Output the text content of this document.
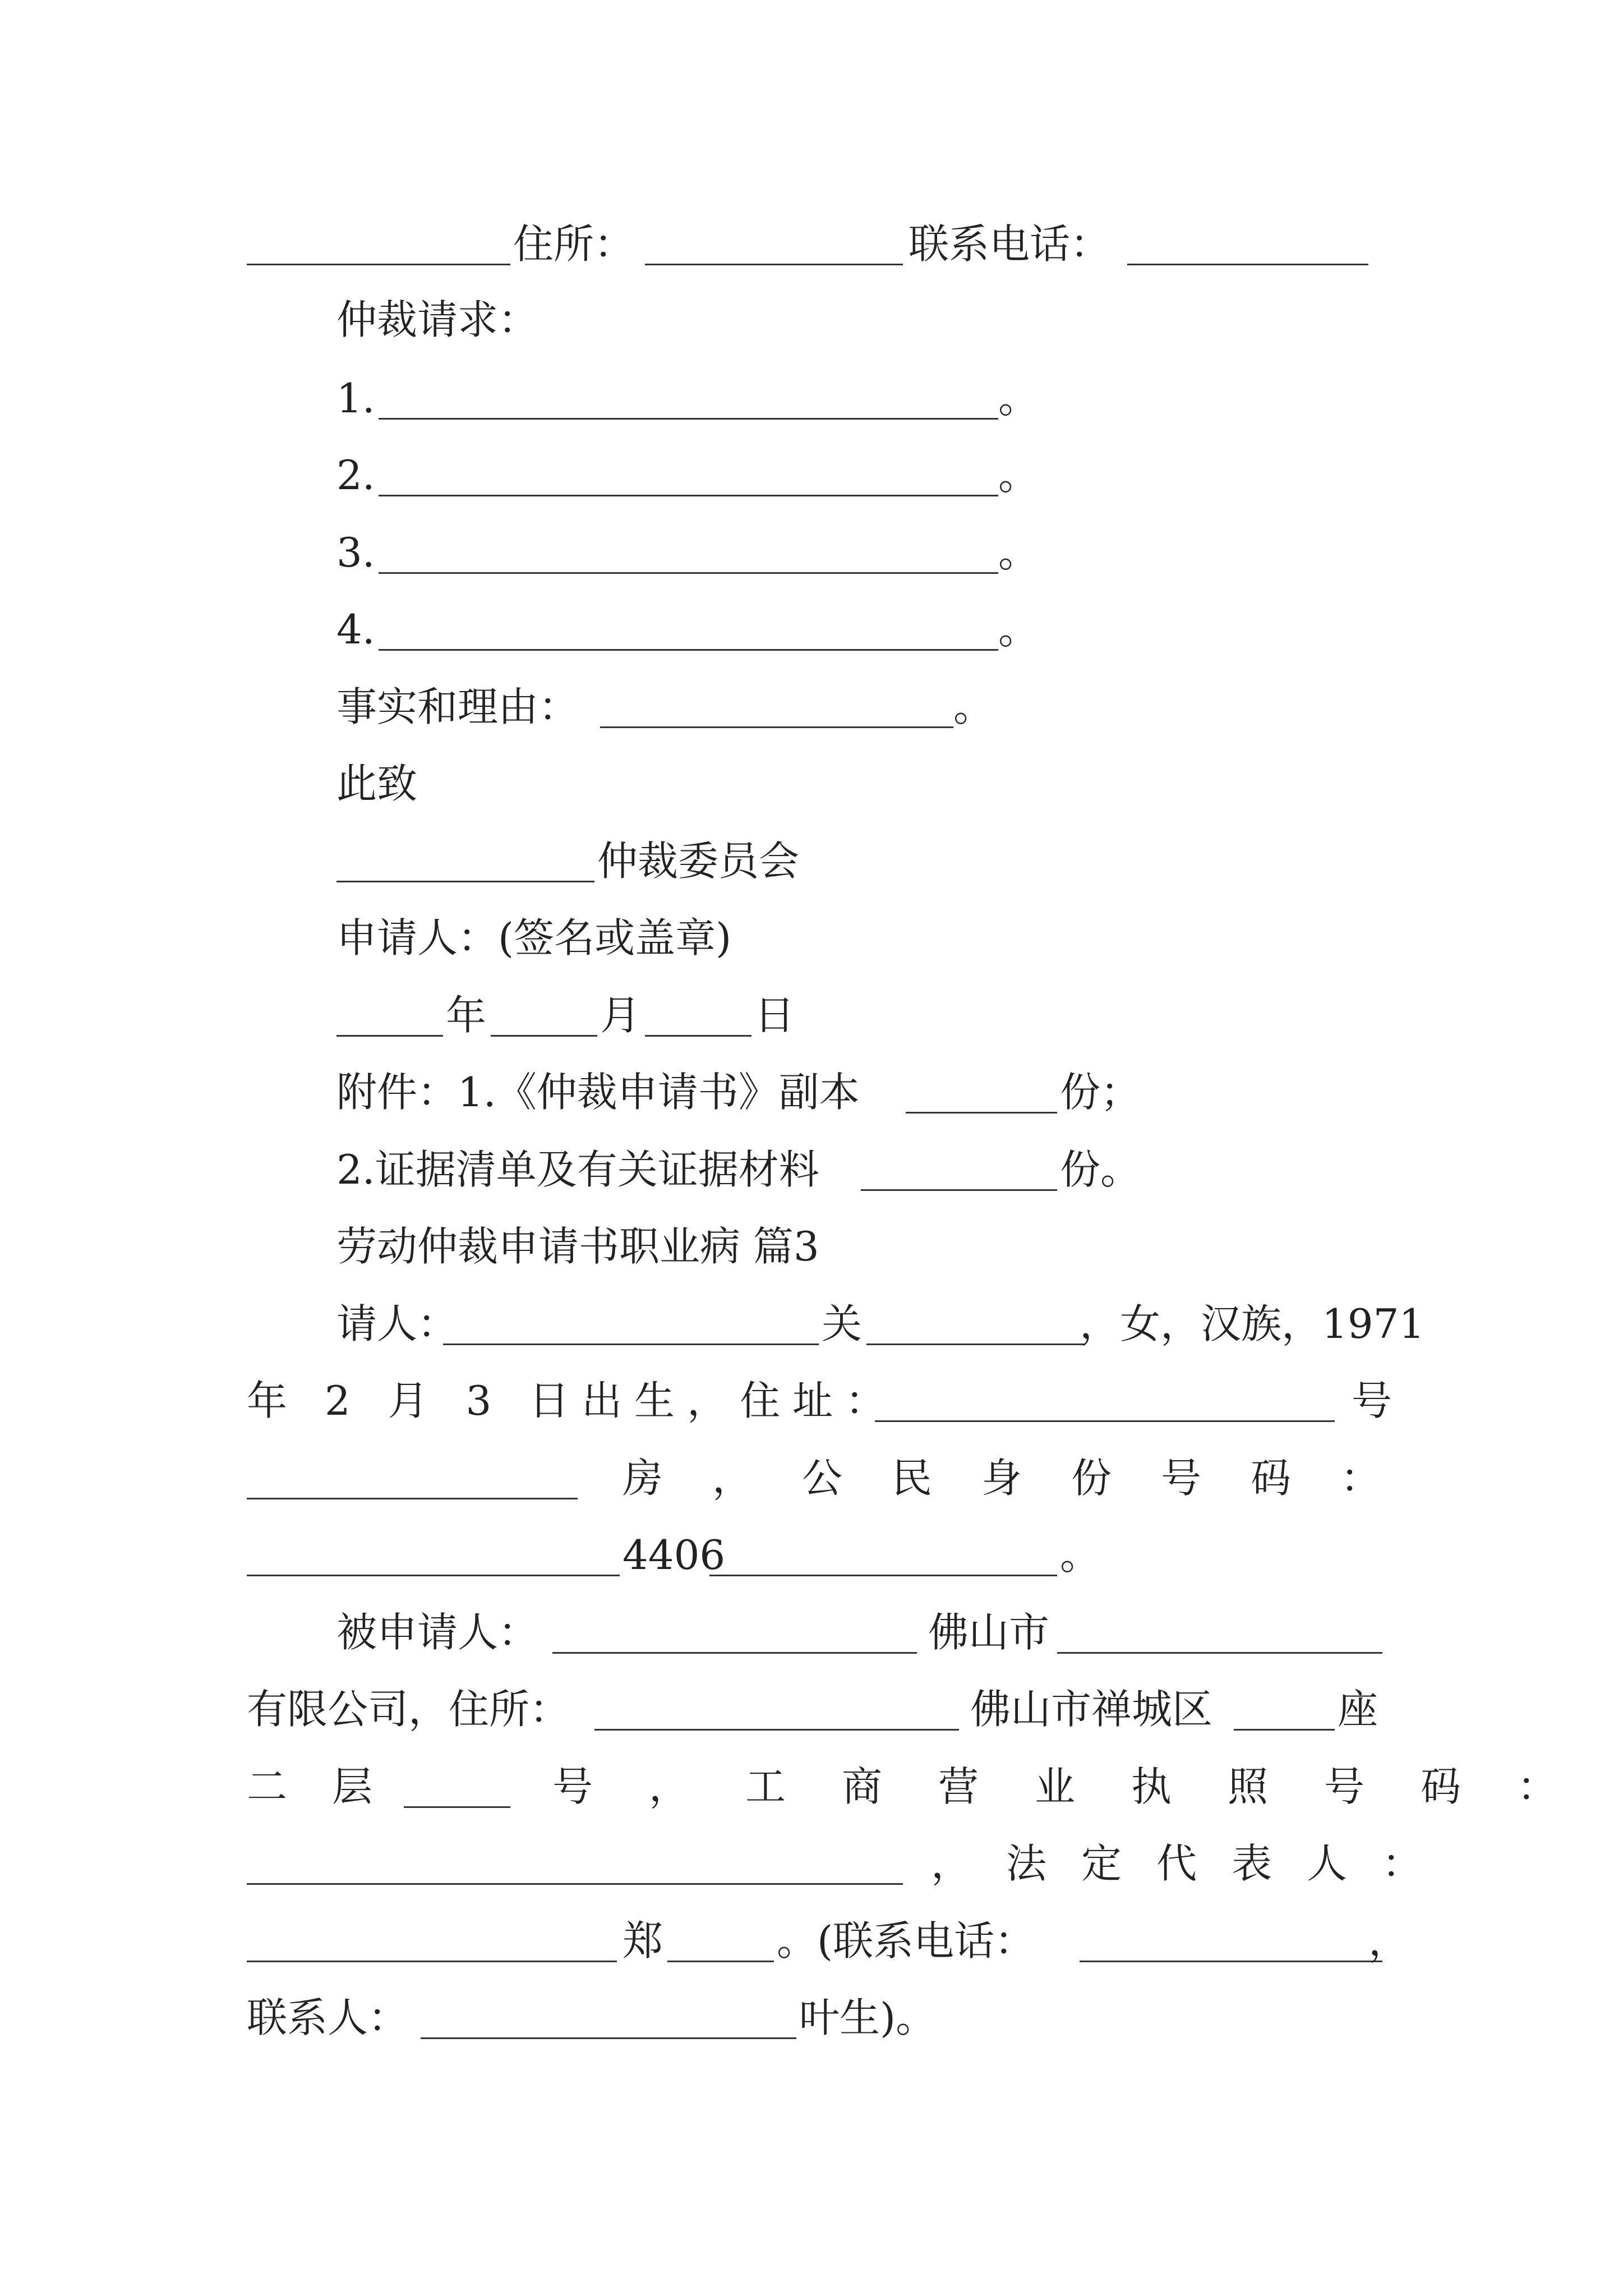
住所：	联系电话：
仲裁请求：
1.	。
2.	。
3.	。
4.	。
事实和理由：	。
此致
仲裁委员会
申请人：(签名或盖章)
年	月	日
附件：1.《仲裁申请书》副本	份；
2.证据清单及有关证据材料	份。
劳动仲裁申请书职业病 篇3
请人：	关	，女，汉族，1971
年 2 月 3 日出生，住址：	号
房，公民身份号码：
4406	。
被申请人：	佛山市
有限公司，住所：	佛山市禅城区	座
二层	号，工商营业执照号码：
，法定代表人：
郑	。(联系电话：	，
联系人：	叶生)。
